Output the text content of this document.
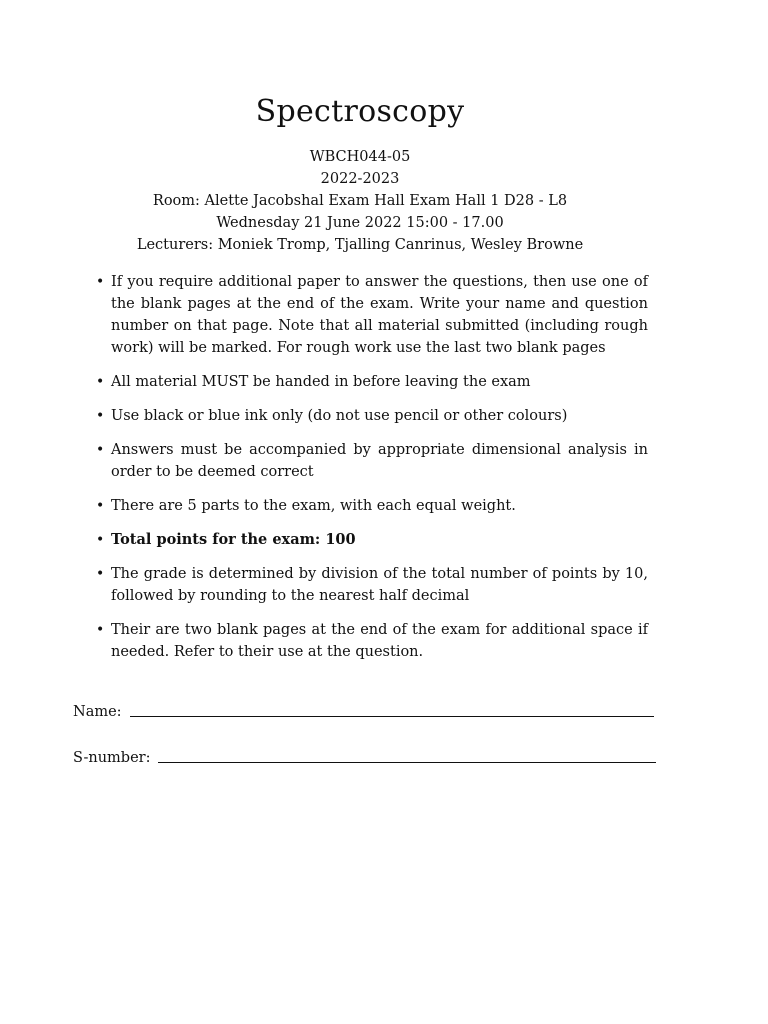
Spectroscopy
WBCH044-05
2022-2023
Room: Alette Jacobshal Exam Hall Exam Hall 1 D28 - L8
Wednesday 21 June 2022 15:00 - 17.00
Lecturers: Moniek Tromp, Tjalling Canrinus, Wesley Browne
• If you require additional paper to answer the questions, then use one of the blank pages at the end of the exam. Write your name and question number on that page. Note that all material submitted (including rough work) will be marked. For rough work use the last two blank pages
• All material MUST be handed in before leaving the exam
• Use black or blue ink only (do not use pencil or other colours)
• Answers must be accompanied by appropriate dimensional analysis in order to be deemed correct
• There are 5 parts to the exam, with each equal weight.
• Total points for the exam: 100
• The grade is determined by division of the total number of points by 10, followed by rounding to the nearest half decimal
• Their are two blank pages at the end of the exam for additional space if needed. Refer to their use at the question.
Name:
S-number:
